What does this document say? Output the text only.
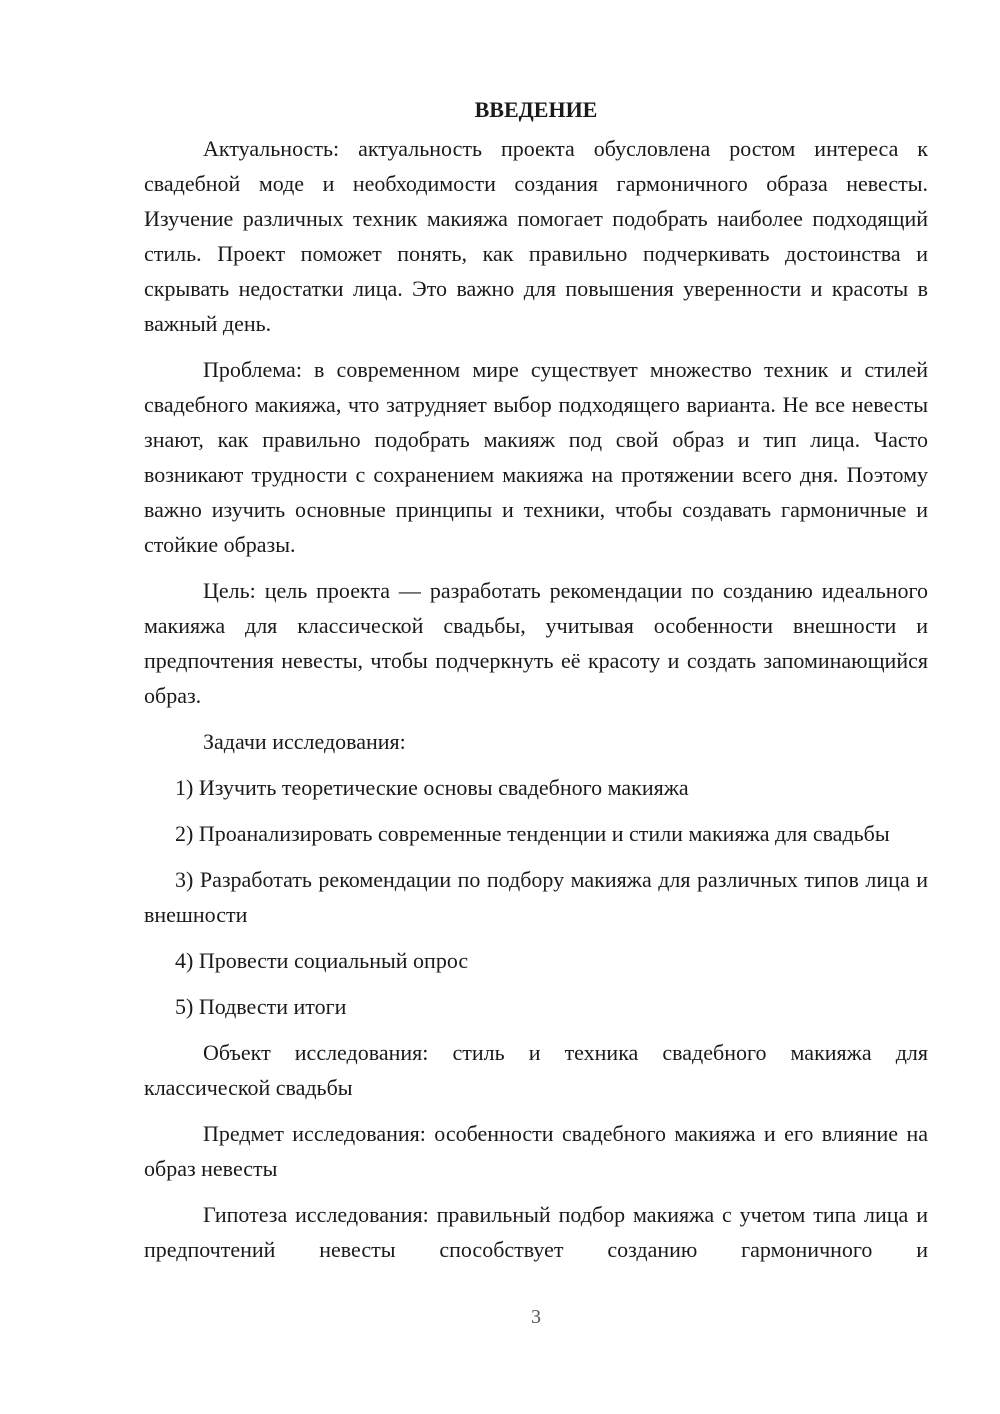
ВВЕДЕНИЕ

Актуальность: актуальность проекта обусловлена ростом интереса к свадебной моде и необходимости создания гармоничного образа невесты. Изучение различных техник макияжа помогает подобрать наиболее подходящий стиль. Проект поможет понять, как правильно подчеркивать достоинства и скрывать недостатки лица. Это важно для повышения уверенности и красоты в важный день.

Проблема: в современном мире существует множество техник и стилей свадебного макияжа, что затрудняет выбор подходящего варианта. Не все невесты знают, как правильно подобрать макияж под свой образ и тип лица. Часто возникают трудности с сохранением макияжа на протяжении всего дня. Поэтому важно изучить основные принципы и техники, чтобы создавать гармоничные и стойкие образы.

Цель: цель проекта — разработать рекомендации по созданию идеального макияжа для классической свадьбы, учитывая особенности внешности и предпочтения невесты, чтобы подчеркнуть её красоту и создать запоминающийся образ.

Задачи исследования:

1) Изучить теоретические основы свадебного макияжа

2) Проанализировать современные тенденции и стили макияжа для свадьбы

3) Разработать рекомендации по подбору макияжа для различных типов лица и внешности

4) Провести социальный опрос

5) Подвести итоги

Объект исследования: стиль и техника свадебного макияжа для классической свадьбы

Предмет исследования: особенности свадебного макияжа и его влияние на образ невесты

Гипотеза исследования: правильный подбор макияжа с учетом типа лица и предпочтений невесты способствует созданию гармоничного и

3
